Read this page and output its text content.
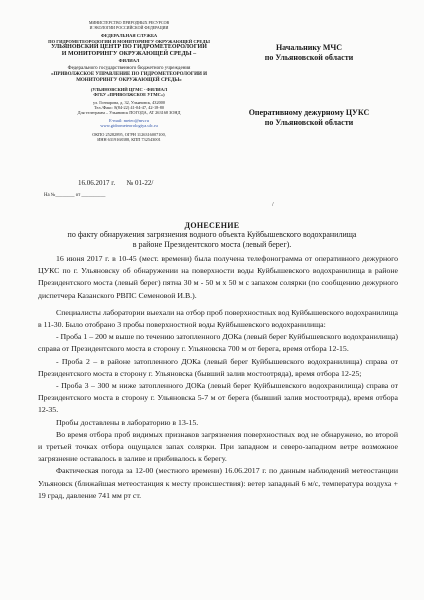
МИНИСТЕРСТВО ПРИРОДНЫХ РЕСУРСОВ
И ЭКОЛОГИИ РОССИЙСКОЙ ФЕДЕРАЦИИ
ФЕДЕРАЛЬНАЯ СЛУЖБА
ПО ГИДРОМЕТЕОРОЛОГИИ И МОНИТОРИНГУ ОКРУЖАЮЩЕЙ СРЕДЫ
УЛЬЯНОВСКИЙ ЦЕНТР ПО ГИДРОМЕТЕОРОЛОГИИ
И МОНИТОРИНГУ ОКРУЖАЮЩЕЙ СРЕДЫ –
ФИЛИАЛ
Федерального государственного бюджетного учреждения
«ПРИВОЛЖСКОЕ УПРАВЛЕНИЕ ПО ГИДРОМЕТЕОРОЛОГИИ И
МОНИТОРИНГУ ОКРУЖАЮЩЕЙ СРЕДЫ»
(УЛЬЯНОВСКИЙ ЦГМС - ФИЛИАЛ
ФГБУ «ПРИВОЛЖСКОЕ УГМС»)
ул. Гончарова, д. 32, Ульяновск, 432000
Тел./Факс: 8(84-22) 41-04-47, 42-18-80
Для телеграмм – Ульяновск ПОГОДА, AT 263168 ЗОНД
E-mail: meteo@mv.ru
www.gidrometeorologiya.ulc.ru
ОКПО 25282895, ОГРН 1126316007100,
ИНН 6319168388, КПП 732543001
16.06.2017 г. № 01-22/
На №________ от __________
Начальнику МЧС
по Ульяновской области
Оперативному дежурному ЦУКС
по Ульяновской области
/
ДОНЕСЕНИЕ
по факту обнаружения загрязнения водного объекта Куйбышевского водохранилища
в районе Президентского моста (левый берег).

16 июня 2017 г. в 10-45 (мест. времени) была получена телефонограмма от оперативного дежурного ЦУКС по г. Ульяновску об обнаружении на поверхности воды Куйбышевского водохранилища в районе Президентского моста (левый берег) пятна 30 м - 50 м х 50 м с запахом солярки (по сообщению дежурного диспетчера Казанского РВПС Семеновой И.В.).

Специалисты лаборатории выехали на отбор проб поверхностных вод Куйбышевского водохранилища в 11-30. Было отобрано 3 пробы поверхностной воды Куйбышевского водохранилища:

- Проба 1 – 200 м выше по течению затопленного ДОКа (левый берег Куйбышевского водохранилища) справа от Президентского моста в сторону г. Ульяновска 700 м от берега, время отбора 12-15.

- Проба 2 – в районе затопленного ДОКа (левый берег Куйбышевского водохранилища) справа от Президентского моста в сторону г. Ульяновска (бывший залив мостоотряда), время отбора 12-25;

- Проба 3 – 300 м ниже затопленного ДОКа (левый берег Куйбышевского водохранилища) справа от Президентского моста в сторону г. Ульяновска 5-7 м от берега (бывший залив мостоотряда), время отбора 12-35.

Пробы доставлены в лабораторию в 13-15.

Во время отбора проб видимых признаков загрязнения поверхностных вод не обнаружено, во второй и третьей точках отбора ощущался запах солярки. При западном и северо-западном ветре возможное загрязнение оставалось в заливе и прибивалось к берегу.

Фактическая погода за 12-00 (местного времени) 16.06.2017 г. по данным наблюдений метеостанции Ульяновск (ближайшая метеостанция к месту происшествия): ветер западный 6 м/с, температура воздуха + 19 град, давление 741 мм рт ст.
